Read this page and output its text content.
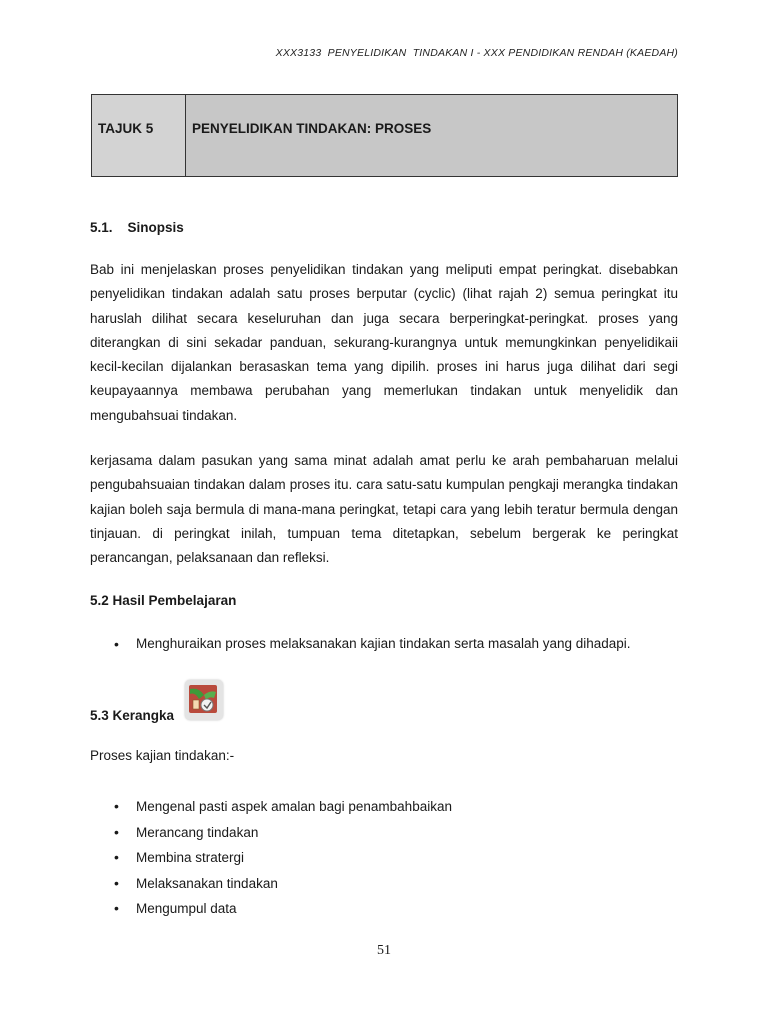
XXX3133  PENYELIDIKAN  TINDAKAN I - XXX PENDIDIKAN RENDAH (KAEDAH)
TAJUK 5	PENYELIDIKAN TINDAKAN: PROSES
5.1. Sinopsis

Bab ini menjelaskan proses penyelidikan tindakan yang meliputi empat peringkat. disebabkan penyelidikan tindakan adalah satu proses berputar (cyclic) (lihat rajah 2) semua peringkat itu haruslah dilihat secara keseluruhan dan juga secara berperingkat-peringkat. proses yang diterangkan di sini sekadar panduan, sekurang-kurangnya untuk memungkinkan penyelidikaii kecil-kecilan dijalankan berasaskan tema yang dipilih. proses ini harus juga dilihat dari segi keupayaannya membawa perubahan yang memerlukan tindakan untuk menyelidik dan mengubahsuai tindakan.

kerjasama dalam pasukan yang sama minat adalah amat perlu ke arah pembaharuan melalui pengubahsuaian tindakan dalam proses itu. cara satu-satu kumpulan pengkaji merangka tindakan kajian boleh saja bermula di mana-mana peringkat, tetapi cara yang lebih teratur bermula dengan tinjauan. di peringkat inilah, tumpuan tema ditetapkan, sebelum bergerak ke peringkat perancangan, pelaksanaan dan refleksi.

5.2 Hasil Pembelajaran
• Menghuraikan proses melaksanakan kajian tindakan serta masalah yang dihadapi.
5.3 Kerangka
Proses kajian tindakan:-
• Mengenal pasti aspek amalan bagi penambahbaikan
• Merancang tindakan
• Membina stratergi
• Melaksanakan tindakan
• Mengumpul data
51
